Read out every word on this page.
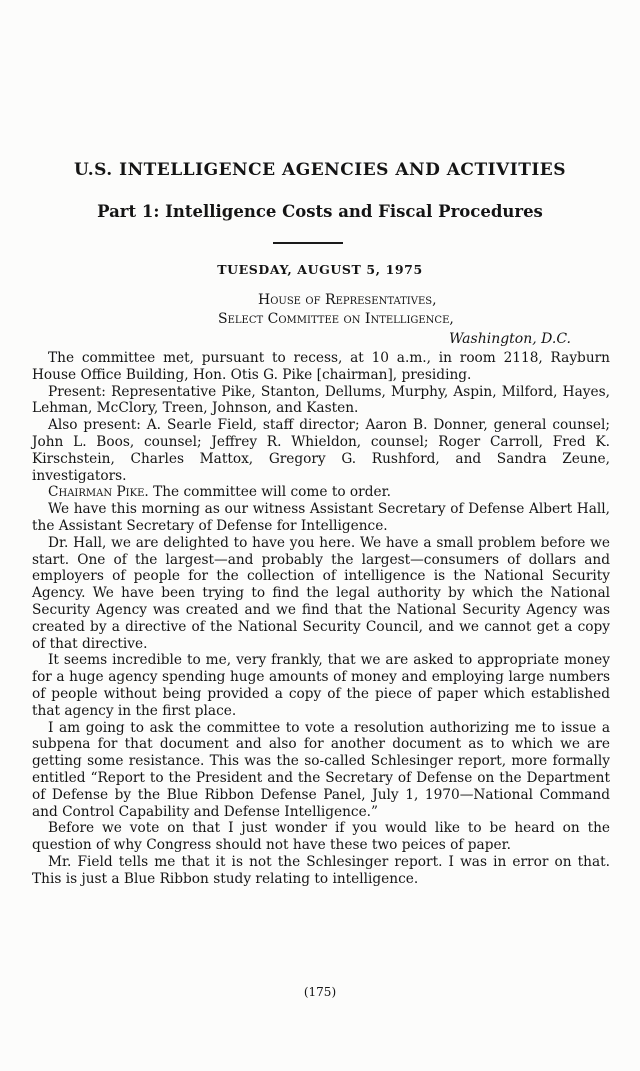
U.S. INTELLIGENCE AGENCIES AND ACTIVITIES
Part 1: Intelligence Costs and Fiscal Procedures

TUESDAY, AUGUST 5, 1975

House of Representatives,

Select Committee on Intelligence,

Washington, D.C.

The committee met, pursuant to recess, at 10 a.m., in room 2118, Rayburn House Office Building, Hon. Otis G. Pike [chairman], presiding.

Present: Representative Pike, Stanton, Dellums, Murphy, Aspin, Milford, Hayes, Lehman, McClory, Treen, Johnson, and Kasten.

Also present: A. Searle Field, staff director; Aaron B. Donner, general counsel; John L. Boos, counsel; Jeffrey R. Whieldon, counsel; Roger Carroll, Fred K. Kirschstein, Charles Mattox, Gregory G. Rushford, and Sandra Zeune, investigators.

Chairman Pike. The committee will come to order.

We have this morning as our witness Assistant Secretary of Defense Albert Hall, the Assistant Secretary of Defense for Intelligence.

Dr. Hall, we are delighted to have you here. We have a small problem before we start. One of the largest—and probably the largest—consumers of dollars and employers of people for the collection of intelligence is the National Security Agency. We have been trying to find the legal authority by which the National Security Agency was created and we find that the National Security Agency was created by a directive of the National Security Council, and we cannot get a copy of that directive.

It seems incredible to me, very frankly, that we are asked to appropriate money for a huge agency spending huge amounts of money and employing large numbers of people without being provided a copy of the piece of paper which established that agency in the first place.

I am going to ask the committee to vote a resolution authorizing me to issue a subpena for that document and also for another document as to which we are getting some resistance. This was the so-called Schlesinger report, more formally entitled “Report to the President and the Secretary of Defense on the Department of Defense by the Blue Ribbon Defense Panel, July 1, 1970—National Command and Control Capability and Defense Intelligence.”

Before we vote on that I just wonder if you would like to be heard on the question of why Congress should not have these two peices of paper.

Mr. Field tells me that it is not the Schlesinger report. I was in error on that. This is just a Blue Ribbon study relating to intelligence.

(175)
